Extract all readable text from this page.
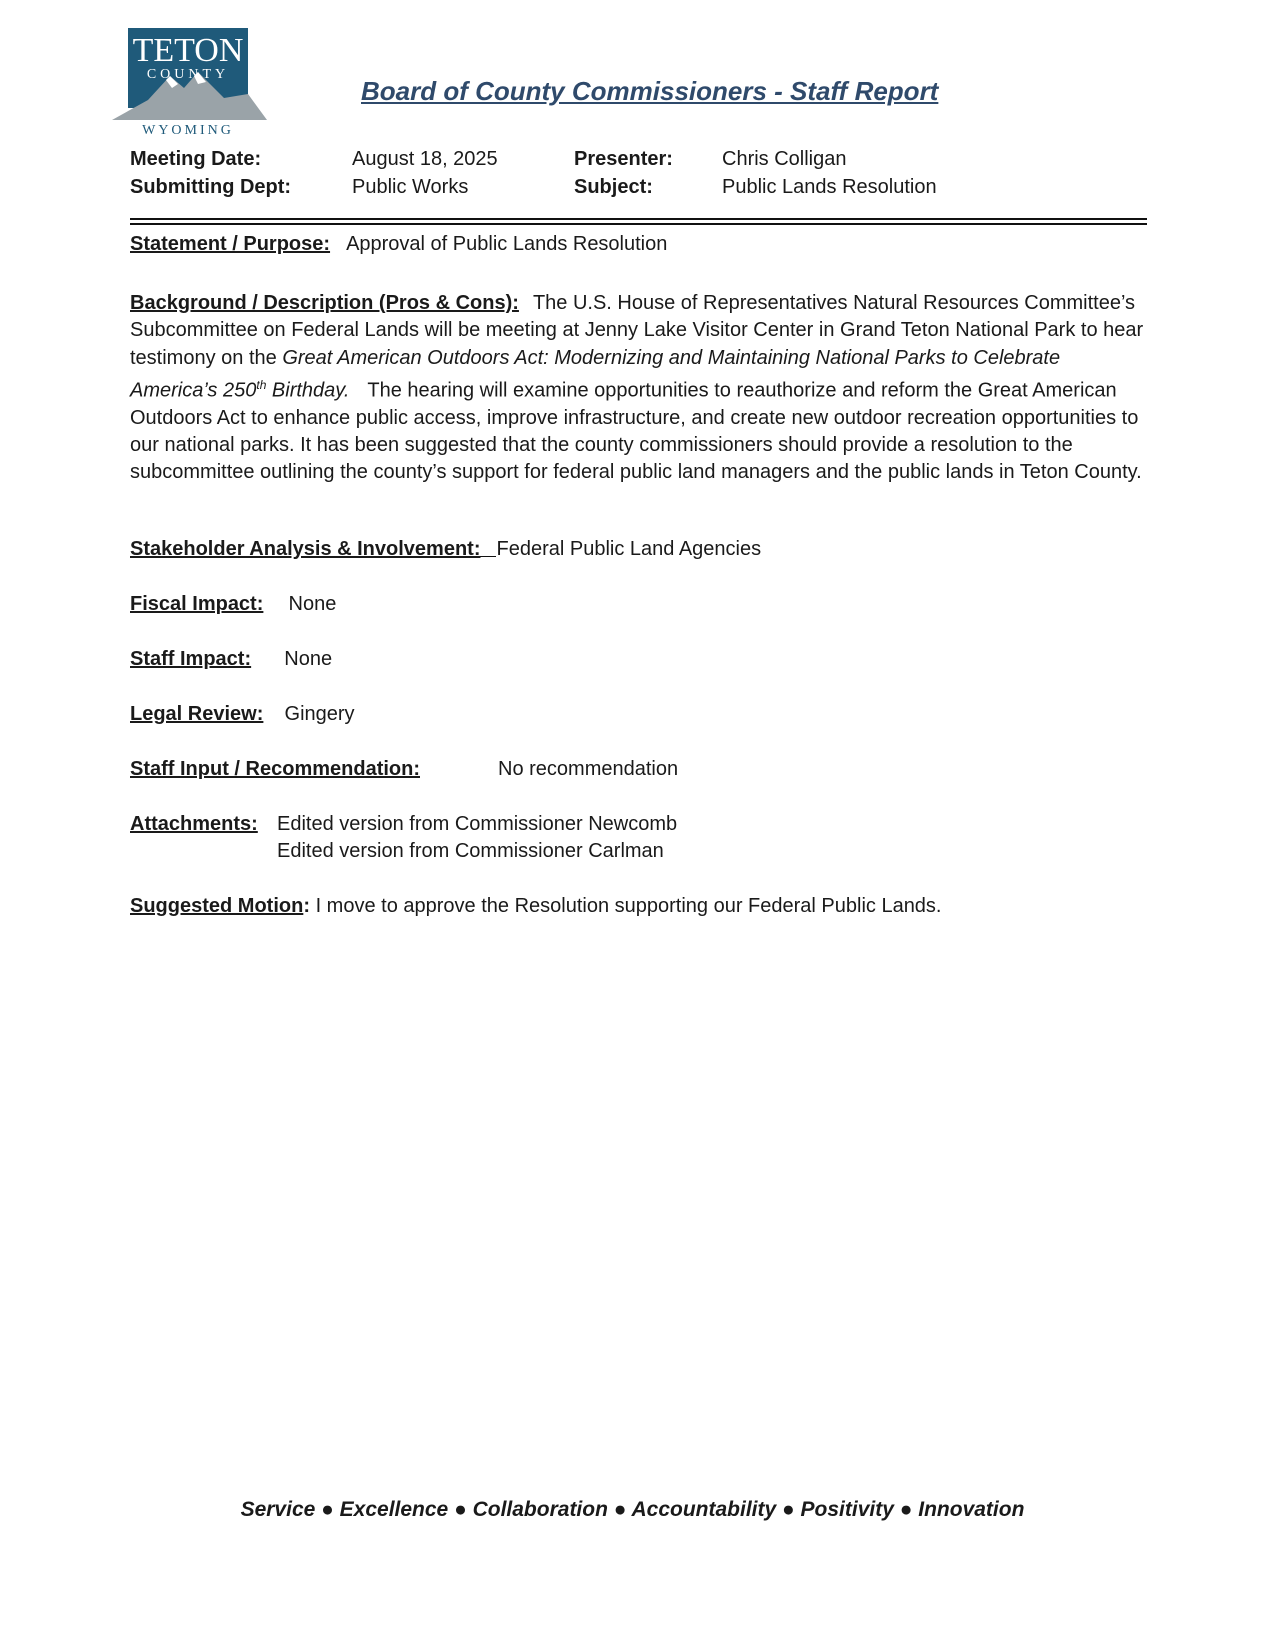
TETON
COUNTY
WYOMING
Board of County Commissioners - Staff Report
Meeting Date:	August 18, 2025	Presenter: Chris Colligan
Submitting Dept:	Public Works	Subject:	Public Lands Resolution
Statement / Purpose: Approval of Public Lands Resolution
Background / Description (Pros & Cons): The U.S. House of Representatives Natural Resources Committee’s Subcommittee on Federal Lands will be meeting at Jenny Lake Visitor Center in Grand Teton National Park to hear testimony on the Great American Outdoors Act: Modernizing and Maintaining National Parks to Celebrate America’s 250th Birthday. The hearing will examine opportunities to reauthorize and reform the Great American Outdoors Act to enhance public access, improve infrastructure, and create new outdoor recreation opportunities to our national parks. It has been suggested that the county commissioners should provide a resolution to the subcommittee outlining the county’s support for federal public land managers and the public lands in Teton County.
Stakeholder Analysis & Involvement: Federal Public Land Agencies
Fiscal Impact: None
Staff Impact: None
Legal Review: Gingery
Staff Input / Recommendation:	No recommendation
Attachments: Edited version from Commissioner Newcomb
Edited version from Commissioner Carlman
Suggested Motion: I move to approve the Resolution supporting our Federal Public Lands.
Service ● Excellence ● Collaboration ● Accountability ● Positivity ● Innovation
